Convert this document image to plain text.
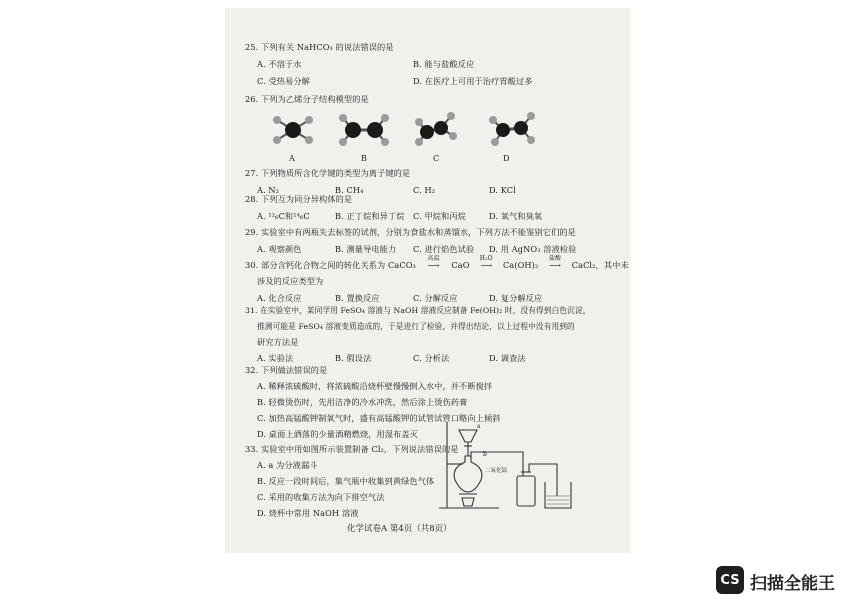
25. 下列有关 NaHCO₃ 的说法错误的是
A. 不溶于水	B. 能与盐酸反应
C. 受热易分解	D. 在医疗上可用于治疗胃酸过多
26. 下列为乙烯分子结构模型的是
A	B	C	D
27. 下列物质所含化学键的类型为离子键的是
A. N₂	B. CH₄	C. H₂	D. KCl
28. 下列互为同分异构体的是
A. ¹²₆C和¹⁴₆C	B. 正丁烷和异丁烷 C. 甲烷和丙烷	D. 氧气和臭氧
29. 实验室中有两瓶失去标签的试剂，分别为食盐水和蒸馏水，下列方法不能鉴别它们的是
A. 观察颜色	B. 测量导电能力 C. 进行焰色试验 D. 用 AgNO₃ 溶液检验
30. 部分含钙化合物之间的转化关系为 CaCO₃
高温
⟶ CaO
H₂O
⟶ Ca(OH)₂
盐酸
⟶ CaCl₂，其中未
涉及的反应类型为
A. 化合反应	B. 置换反应	C. 分解反应	D. 复分解反应
31. 在实验室中，某同学用 FeSO₄ 溶液与 NaOH 溶液反应制备 Fe(OH)₂ 时，没有得到白色沉淀，
推测可能是 FeSO₄ 溶液变质造成的，于是进行了检验，并得出结论，以上过程中没有用到的
研究方法是
A. 实验法	B. 假设法	C. 分析法	D. 调查法
32. 下列做法错误的是
A. 稀释浓硫酸时，将浓硫酸沿烧杯壁慢慢倒入水中，并不断搅拌
B. 轻微烫伤时，先用洁净的冷水冲洗，然后涂上烫伤药膏
C. 加热高锰酸钾制氧气时，盛有高锰酸钾的试管试管口略向上倾斜
D. 桌面上洒落的少量酒精燃烧，用湿布盖灭
33. 实验室中用如图所示装置制备 Cl₂，下列说法错误的是
A. a 为分液漏斗
B. 反应一段时间后，集气瓶中收集到黄绿色气体
C. 采用的收集方法为向下排空气法
D. 烧杯中常用 NaOH 溶液
a
b
二氧化锰
化学试卷A 第4页（共8页）
CS 扫描全能王
